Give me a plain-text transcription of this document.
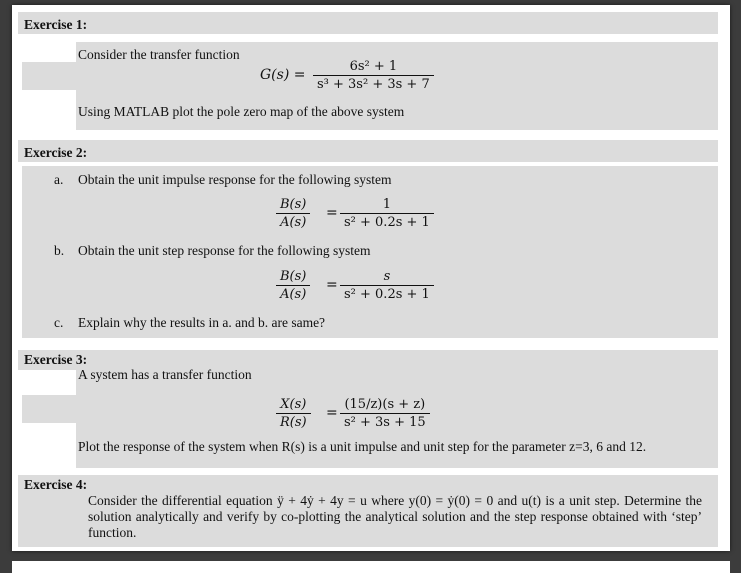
Exercise 1:
Consider the transfer function
$G(s) = \frac{\text{6s² + 1}}{\text{s³ + 3s² + 3s + 7}}$
Using MATLAB plot the pole zero map of the above system
Exercise 2:
a. Obtain the unit impulse response for the following system
$\frac{B(s)}{A(s)} = \frac{1}{\text{s² + 0.2s + 1}}$
b. Obtain the unit step response for the following system
$\frac{B(s)}{A(s)} = \frac{s}{\text{s² + 0.2s + 1}}$
c. Explain why the results in a. and b. are same?
Exercise 3:
A system has a transfer function
$\frac{X(s)}{R(s)} = \frac{(15/z)(s + z)}{\text{s² + 3s + 15}}$
Plot the response of the system when R(s) is a unit impulse and unit step for the parameter z=3, 6 and 12.
Exercise 4:
Consider the differential equation ÿ + 4ẏ + 4y = u where y(0) = ẏ(0) = 0 and u(t) is a unit step. Determine the solution analytically and verify by co-plotting the analytical solution and the step response obtained with ‘step’ function.
